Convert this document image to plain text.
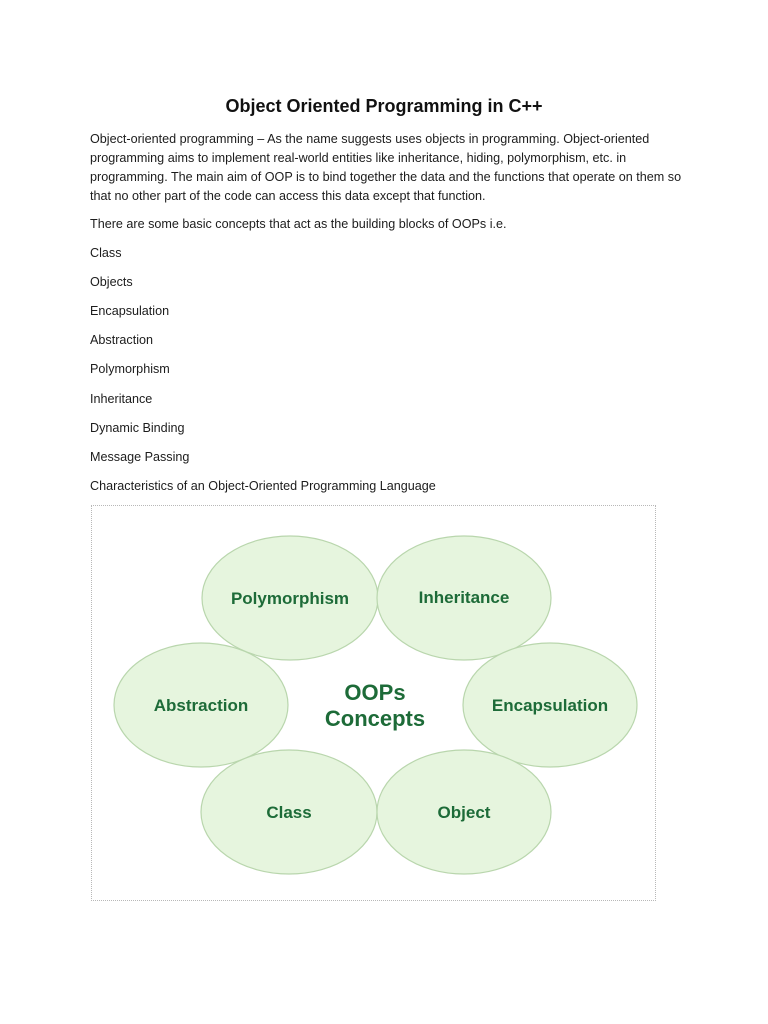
Object Oriented Programming in C++
Object-oriented programming – As the name suggests uses objects in programming. Object-oriented programming aims to implement real-world entities like inheritance, hiding, polymorphism, etc. in programming. The main aim of OOP is to bind together the data and the functions that operate on them so that no other part of the code can access this data except that function.
There are some basic concepts that act as the building blocks of OOPs i.e.
Class
Objects
Encapsulation
Abstraction
Polymorphism
Inheritance
Dynamic Binding
Message Passing
Characteristics of an Object-Oriented Programming Language
Polymorphism	Inheritance
Abstraction	Encapsulation
Class	Object
OOPs
Concepts
